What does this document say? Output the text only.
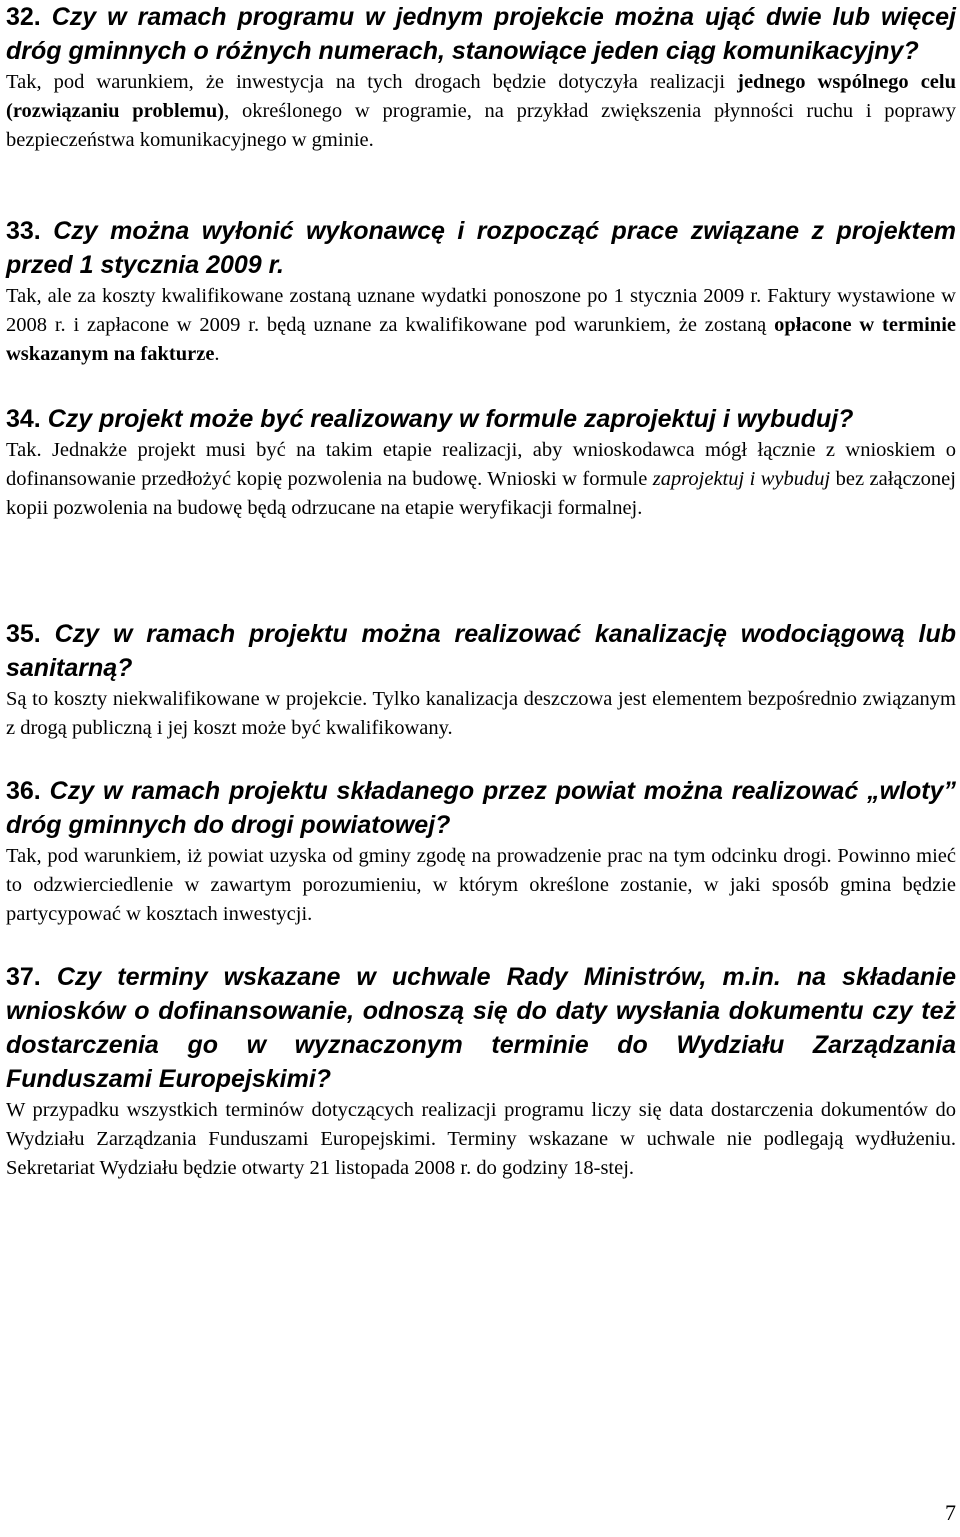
32. Czy w ramach programu w jednym projekcie można ująć dwie lub więcej dróg gminnych o różnych numerach, stanowiące jeden ciąg komunikacyjny?

Tak, pod warunkiem, że inwestycja na tych drogach będzie dotyczyła realizacji jednego wspólnego celu (rozwiązaniu problemu), określonego w programie, na przykład zwiększenia płynności ruchu i poprawy bezpieczeństwa komunikacyjnego w gminie.

33. Czy można wyłonić wykonawcę i rozpocząć prace związane z projektem przed 1 stycznia 2009 r.

Tak, ale za koszty kwalifikowane zostaną uznane wydatki ponoszone po 1 stycznia 2009 r. Faktury wystawione w 2008 r. i zapłacone w 2009 r. będą uznane za kwalifikowane pod warunkiem, że zostaną opłacone w terminie wskazanym na fakturze.

34. Czy projekt może być realizowany w formule zaprojektuj i wybuduj?

Tak. Jednakże projekt musi być na takim etapie realizacji, aby wnioskodawca mógł łącznie z wnioskiem o dofinansowanie przedłożyć kopię pozwolenia na budowę. Wnioski w formule zaprojektuj i wybuduj bez załączonej kopii pozwolenia na budowę będą odrzucane na etapie weryfikacji formalnej.

35. Czy w ramach projektu można realizować kanalizację wodociągową lub sanitarną?

Są to koszty niekwalifikowane w projekcie. Tylko kanalizacja deszczowa jest elementem bezpośrednio związanym z drogą publiczną i jej koszt może być kwalifikowany.

36. Czy w ramach projektu składanego przez powiat można realizować „wloty” dróg gminnych do drogi powiatowej?

Tak, pod warunkiem, iż powiat uzyska od gminy zgodę na prowadzenie prac na tym odcinku drogi. Powinno mieć to odzwierciedlenie w zawartym porozumieniu, w którym określone zostanie, w jaki sposób gmina będzie partycypować w kosztach inwestycji.

37. Czy terminy wskazane w uchwale Rady Ministrów, m.in. na składanie wniosków o dofinansowanie, odnoszą się do daty wysłania dokumentu czy też dostarczenia go w wyznaczonym terminie do Wydziału Zarządzania Funduszami Europejskimi?

W przypadku wszystkich terminów dotyczących realizacji programu liczy się data dostarczenia dokumentów do Wydziału Zarządzania Funduszami Europejskimi. Terminy wskazane w uchwale nie podlegają wydłużeniu. Sekretariat Wydziału będzie otwarty 21 listopada 2008 r. do godziny 18-stej.

7
